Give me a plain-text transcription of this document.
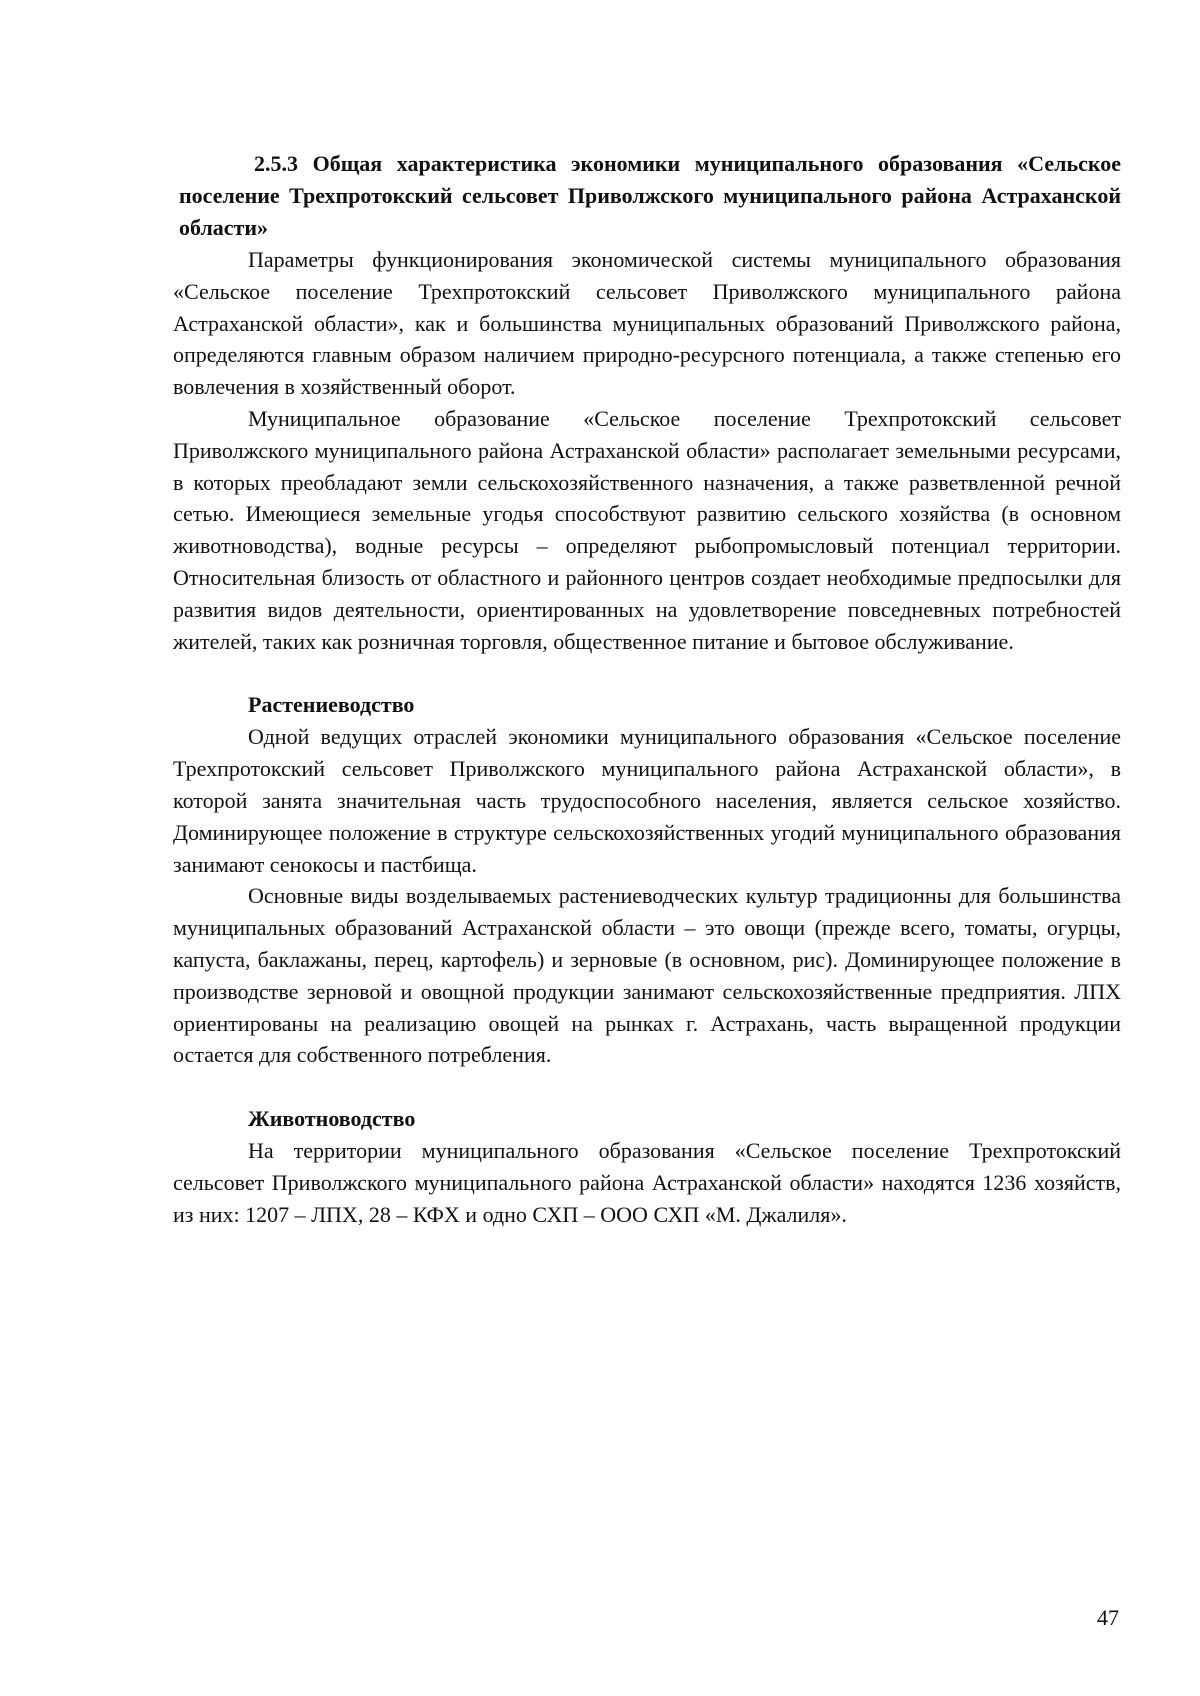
2.5.3 Общая характеристика экономики муниципального образования «Сельское поселение Трехпротокский сельсовет Приволжского муниципального района Астраханской области»

Параметры функционирования экономической системы муниципального образования «Сельское поселение Трехпротокский сельсовет Приволжского муниципального района Астраханской области», как и большинства муниципальных образований Приволжского района, определяются главным образом наличием природно-ресурсного потенциала, а также степенью его вовлечения в хозяйственный оборот.

Муниципальное образование «Сельское поселение Трехпротокский сельсовет Приволжского муниципального района Астраханской области» располагает земельными ресурсами, в которых преобладают земли сельскохозяйственного назначения, а также разветвленной речной сетью. Имеющиеся земельные угодья способствуют развитию сельского хозяйства (в основном животноводства), водные ресурсы – определяют рыбопромысловый потенциал территории. Относительная близость от областного и районного центров создает необходимые предпосылки для развития видов деятельности, ориентированных на удовлетворение повседневных потребностей жителей, таких как розничная торговля, общественное питание и бытовое обслуживание.

Растениеводство

Одной ведущих отраслей экономики муниципального образования «Сельское поселение Трехпротокский сельсовет Приволжского муниципального района Астраханской области», в которой занята значительная часть трудоспособного населения, является сельское хозяйство. Доминирующее положение в структуре сельскохозяйственных угодий муниципального образования занимают сенокосы и пастбища.

Основные виды возделываемых растениеводческих культур традиционны для большинства муниципальных образований Астраханской области – это овощи (прежде всего, томаты, огурцы, капуста, баклажаны, перец, картофель) и зерновые (в основном, рис). Доминирующее положение в производстве зерновой и овощной продукции занимают сельскохозяйственные предприятия. ЛПХ ориентированы на реализацию овощей на рынках г. Астрахань, часть выращенной продукции остается для собственного потребления.

Животноводство

На территории муниципального образования «Сельское поселение Трехпротокский сельсовет Приволжского муниципального района Астраханской области» находятся 1236 хозяйств, из них: 1207 – ЛПХ, 28 – КФХ и одно СХП – ООО СХП «М. Джалиля».

47
